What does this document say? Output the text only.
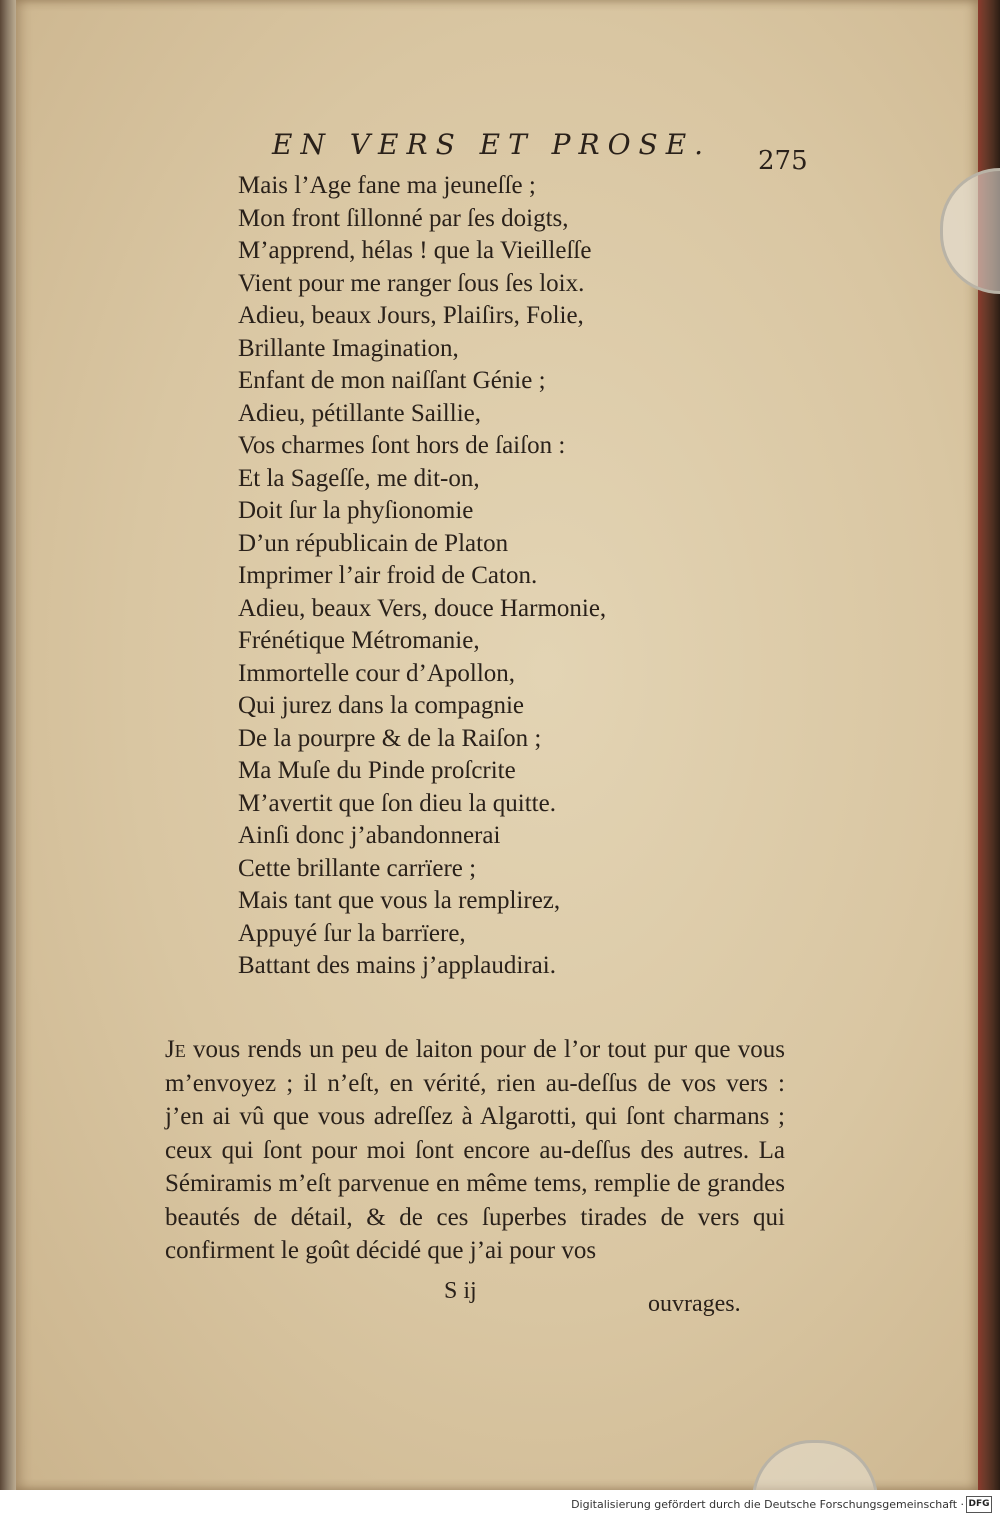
EN VERS ET PROSE. 275
Mais l’Age fane ma jeuneſſe ;
Mon front ſillonné par ſes doigts,
M’apprend, hélas ! que la Vieilleſſe
Vient pour me ranger ſous ſes loix.
Adieu, beaux Jours, Plaiſirs, Folie,
Brillante Imagination,
Enfant de mon naiſſant Génie ;
Adieu, pétillante Saillie,
Vos charmes ſont hors de ſaiſon :
Et la Sageſſe, me dit-on,
Doit ſur la phyſionomie
D’un républicain de Platon
Imprimer l’air froid de Caton.
Adieu, beaux Vers, douce Harmonie,
Frénétique Métromanie,
Immortelle cour d’Apollon,
Qui jurez dans la compagnie
De la pourpre & de la Raiſon ;
Ma Muſe du Pinde proſcrite
M’avertit que ſon dieu la quitte.
Ainſi donc j’abandonnerai
Cette brillante carrïere ;
Mais tant que vous la remplirez,
Appuyé ſur la barrïere,
Battant des mains j’applaudirai.

Je vous rends un peu de laiton pour de l’or tout pur que vous m’envoyez ; il n’eſt, en vérité, rien au-deſſus de vos vers : j’en ai vû que vous adreſſez à Algarotti, qui ſont charmans ; ceux qui ſont pour moi ſont encore au-deſſus des autres. La Sémiramis m’eſt parvenue en même tems, remplie de grandes beautés de détail, & de ces ſuperbes tirades de vers qui confirment le goût décidé que j’ai pour vos

S ij	ouvrages.
Digitalisierung gefördert durch die Deutsche Forschungsgemeinschaft · DFG
